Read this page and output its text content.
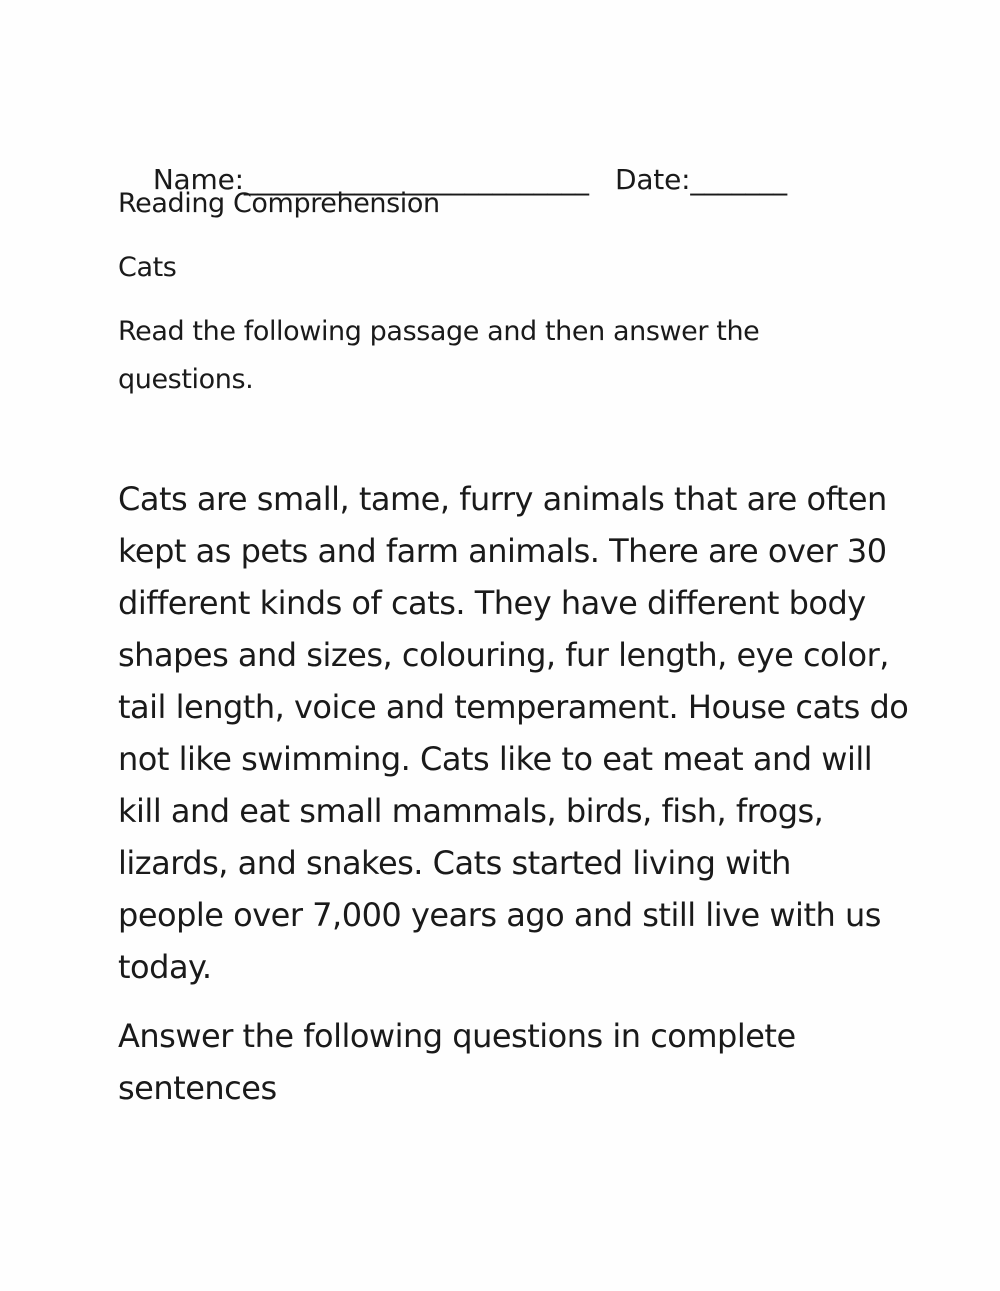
Name:_________________________ Date:_______

Reading Comprehension
Cats
Read the following passage and then answer the
questions.
Cats are small, tame, furry animals that are often
kept as pets and farm animals. There are over 30
different kinds of cats. They have different body
shapes and sizes, colouring, fur length, eye color,
tail length, voice and temperament. House cats do
not like swimming. Cats like to eat meat and will
kill and eat small mammals, birds, fish, frogs,
lizards, and snakes. Cats started living with
people over 7,000 years ago and still live with us
today.
Answer the following questions in complete
sentences
